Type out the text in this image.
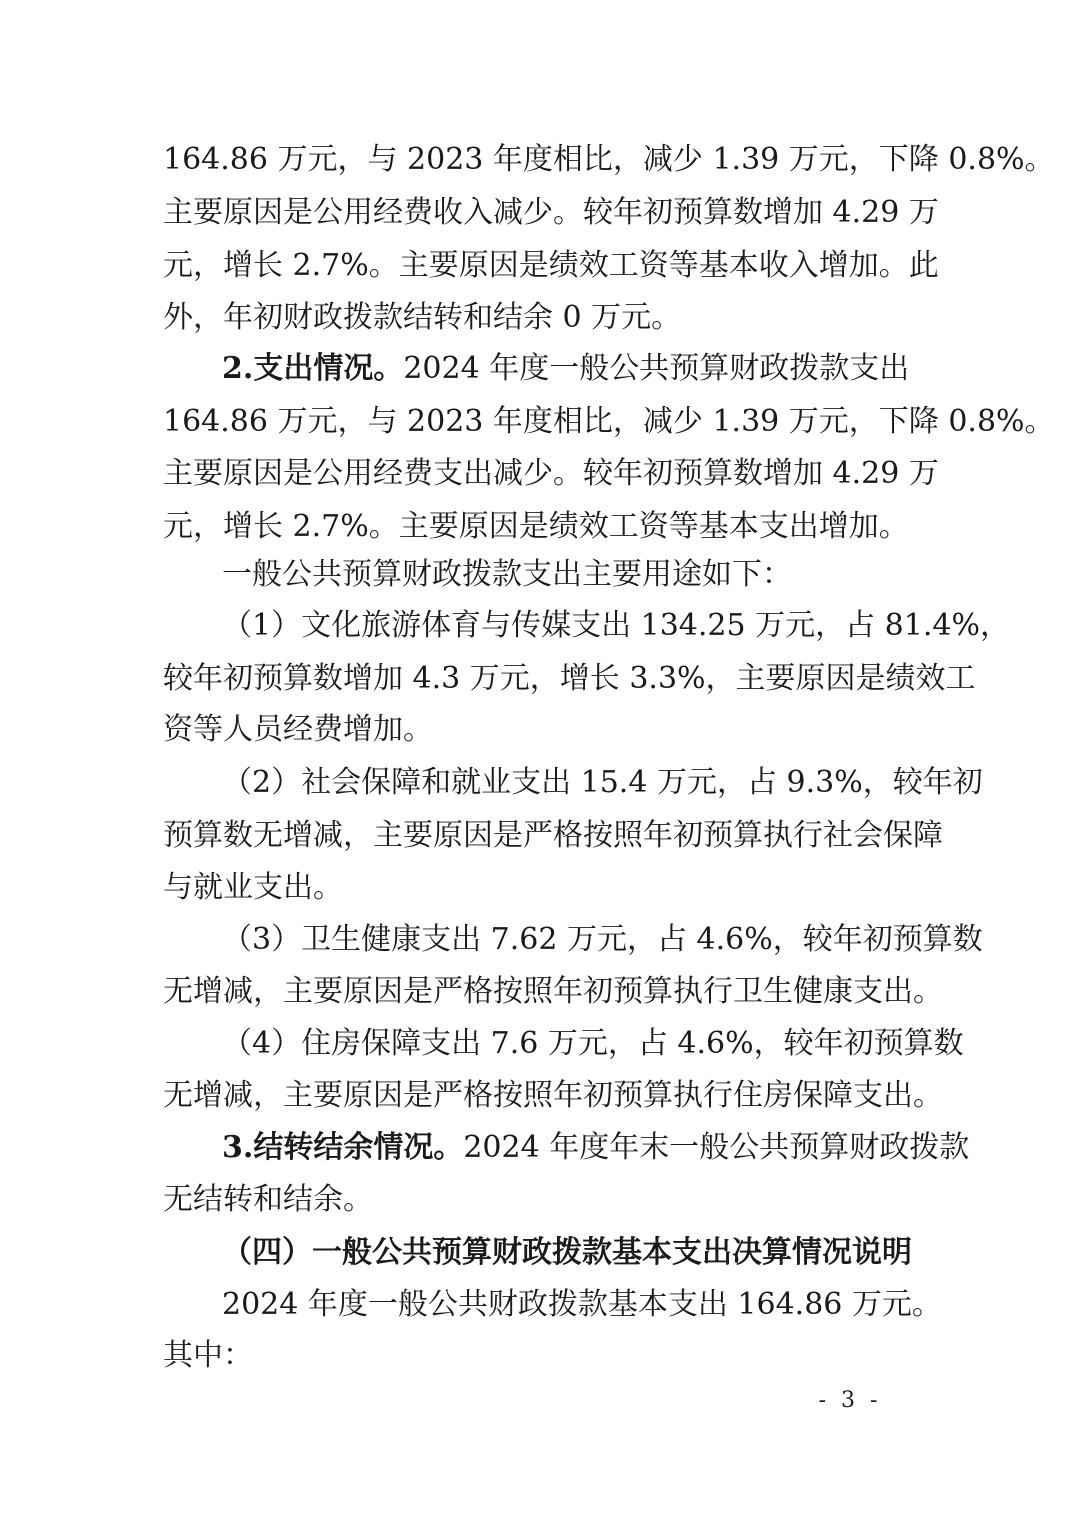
164.86 万元，与 2023 年度相比，减少 1.39 万元，下降 0.8%。
主要原因是公用经费收入减少。较年初预算数增加 4.29 万
元，增长 2.7%。主要原因是绩效工资等基本收入增加。此
外，年初财政拨款结转和结余 0 万元。
2.支出情况。2024 年度一般公共预算财政拨款支出
164.86 万元，与 2023 年度相比，减少 1.39 万元，下降 0.8%。
主要原因是公用经费支出减少。较年初预算数增加 4.29 万
元，增长 2.7%。主要原因是绩效工资等基本支出增加。
一般公共预算财政拨款支出主要用途如下：
（1）文化旅游体育与传媒支出 134.25 万元，占 81.4%，
较年初预算数增加 4.3 万元，增长 3.3%，主要原因是绩效工
资等人员经费增加。
（2）社会保障和就业支出 15.4 万元，占 9.3%，较年初
预算数无增减，主要原因是严格按照年初预算执行社会保障
与就业支出。
（3）卫生健康支出 7.62 万元，占 4.6%，较年初预算数
无增减，主要原因是严格按照年初预算执行卫生健康支出。
（4）住房保障支出 7.6 万元，占 4.6%，较年初预算数
无增减，主要原因是严格按照年初预算执行住房保障支出。
3.结转结余情况。2024 年度年末一般公共预算财政拨款
无结转和结余。
（四）一般公共预算财政拨款基本支出决算情况说明
2024 年度一般公共财政拨款基本支出 164.86 万元。
其中：
- 3 -
